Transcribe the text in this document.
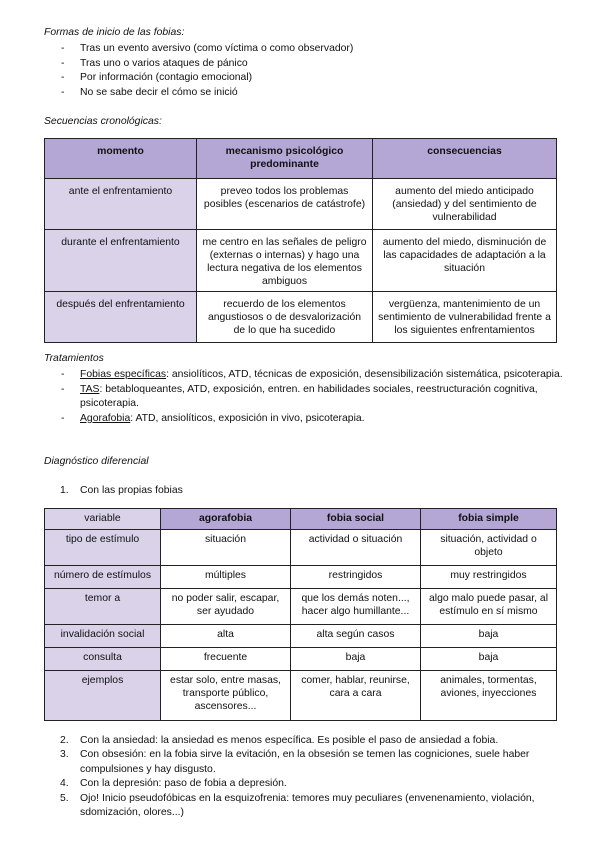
Formas de inicio de las fobias:
- Tras un evento aversivo (como víctima o como observador)
- Tras uno o varios ataques de pánico
- Por información (contagio emocional)
- No se sabe decir el cómo se inició
Secuencias cronológicas:
momento	mecanismo psicológico predominante	consecuencias
ante el enfrentamiento	preveo todos los problemas posibles (escenarios de catástrofe)	aumento del miedo anticipado (ansiedad) y del sentimiento de vulnerabilidad
durante el enfrentamiento	me centro en las señales de peligro (externas o internas) y hago una lectura negativa de los elementos ambiguos	aumento del miedo, disminución de las capacidades de adaptación a la situación
después del enfrentamiento	recuerdo de los elementos angustiosos o de desvalorización de lo que ha sucedido	vergüenza, mantenimiento de un sentimiento de vulnerabilidad frente a los siguientes enfrentamientos
Tratamientos
- Fobias específicas: ansiolíticos, ATD, técnicas de exposición, desensibilización sistemática, psicoterapia.
- TAS: betabloqueantes, ATD, exposición, entren. en habilidades sociales, reestructuración cognitiva, psicoterapia.
- Agorafobia: ATD, ansiolíticos, exposición in vivo, psicoterapia.
Diagnóstico diferencial
1. Con las propias fobias
variable	agorafobia	fobia social	fobia simple
tipo de estímulo	situación	actividad o situación	situación, actividad o objeto
número de estímulos	múltiples	restringidos	muy restringidos
temor a	no poder salir, escapar, ser ayudado	que los demás noten..., hacer algo humillante...	algo malo puede pasar, al estímulo en sí mismo
invalidación social	alta	alta según casos	baja
consulta	frecuente	baja	baja
ejemplos	estar solo, entre masas, transporte público, ascensores...	comer, hablar, reunirse, cara a cara	animales, tormentas, aviones, inyecciones
2. Con la ansiedad: la ansiedad es menos específica. Es posible el paso de ansiedad a fobia.
3. Con obsesión: en la fobia sirve la evitación, en la obsesión se temen las cogniciones, suele haber compulsiones y hay disgusto.
4. Con la depresión: paso de fobia a depresión.
5. Ojo! Inicio pseudofóbicas en la esquizofrenia: temores muy peculiares (envenenamiento, violación, sdomización, olores...)
